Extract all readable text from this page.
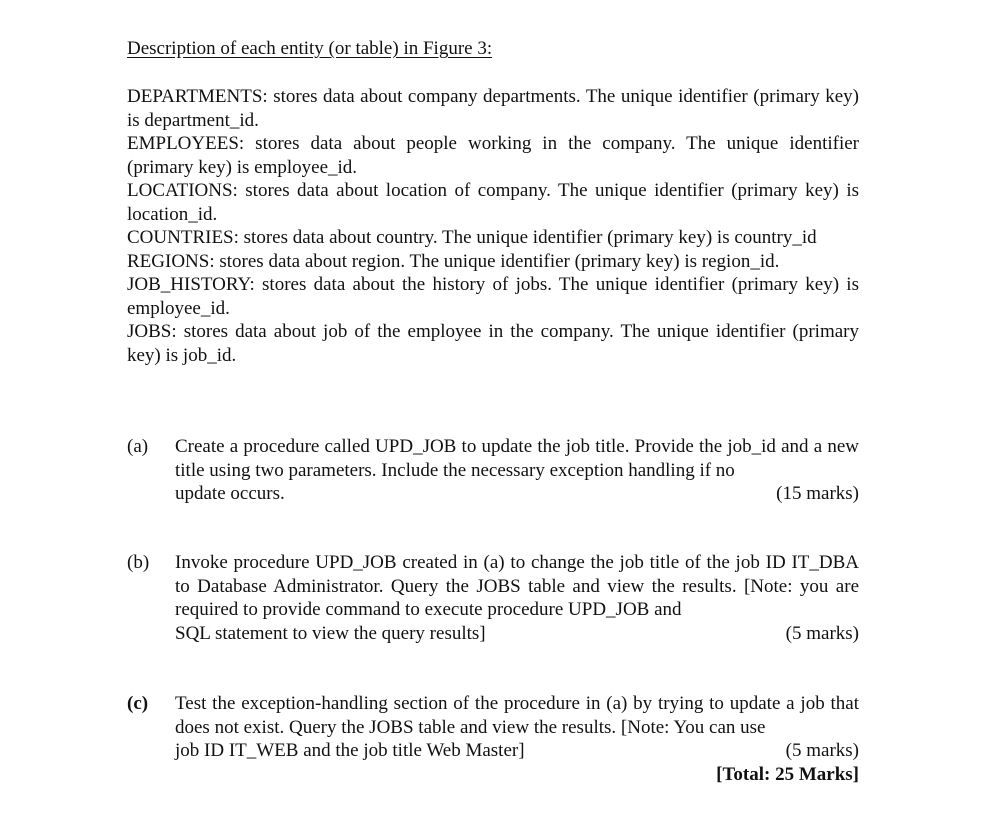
Description of each entity (or table) in Figure 3:

DEPARTMENTS: stores data about company departments. The unique identifier (primary key) is department_id.

EMPLOYEES: stores data about people working in the company. The unique identifier (primary key) is employee_id.

LOCATIONS: stores data about location of company. The unique identifier (primary key) is location_id.

COUNTRIES: stores data about country. The unique identifier (primary key) is country_id

REGIONS: stores data about region. The unique identifier (primary key) is region_id.

JOB_HISTORY: stores data about the history of jobs. The unique identifier (primary key) is employee_id.

JOBS: stores data about job of the employee in the company. The unique identifier (primary key) is job_id.

(a)	Create a procedure called UPD_JOB to update the job title. Provide the job_id and a new title using two parameters. Include the necessary exception handling if no
update occurs.	(15 marks)
(b)	Invoke procedure UPD_JOB created in (a) to change the job title of the job ID IT_DBA to Database Administrator. Query the JOBS table and view the results. [Note: you are required to provide command to execute procedure UPD_JOB and
SQL statement to view the query results]	(5 marks)
(c)	Test the exception-handling section of the procedure in (a) by trying to update a job that does not exist. Query the JOBS table and view the results. [Note: You can use
job ID IT_WEB and the job title Web Master]	(5 marks)
[Total: 25 Marks]
